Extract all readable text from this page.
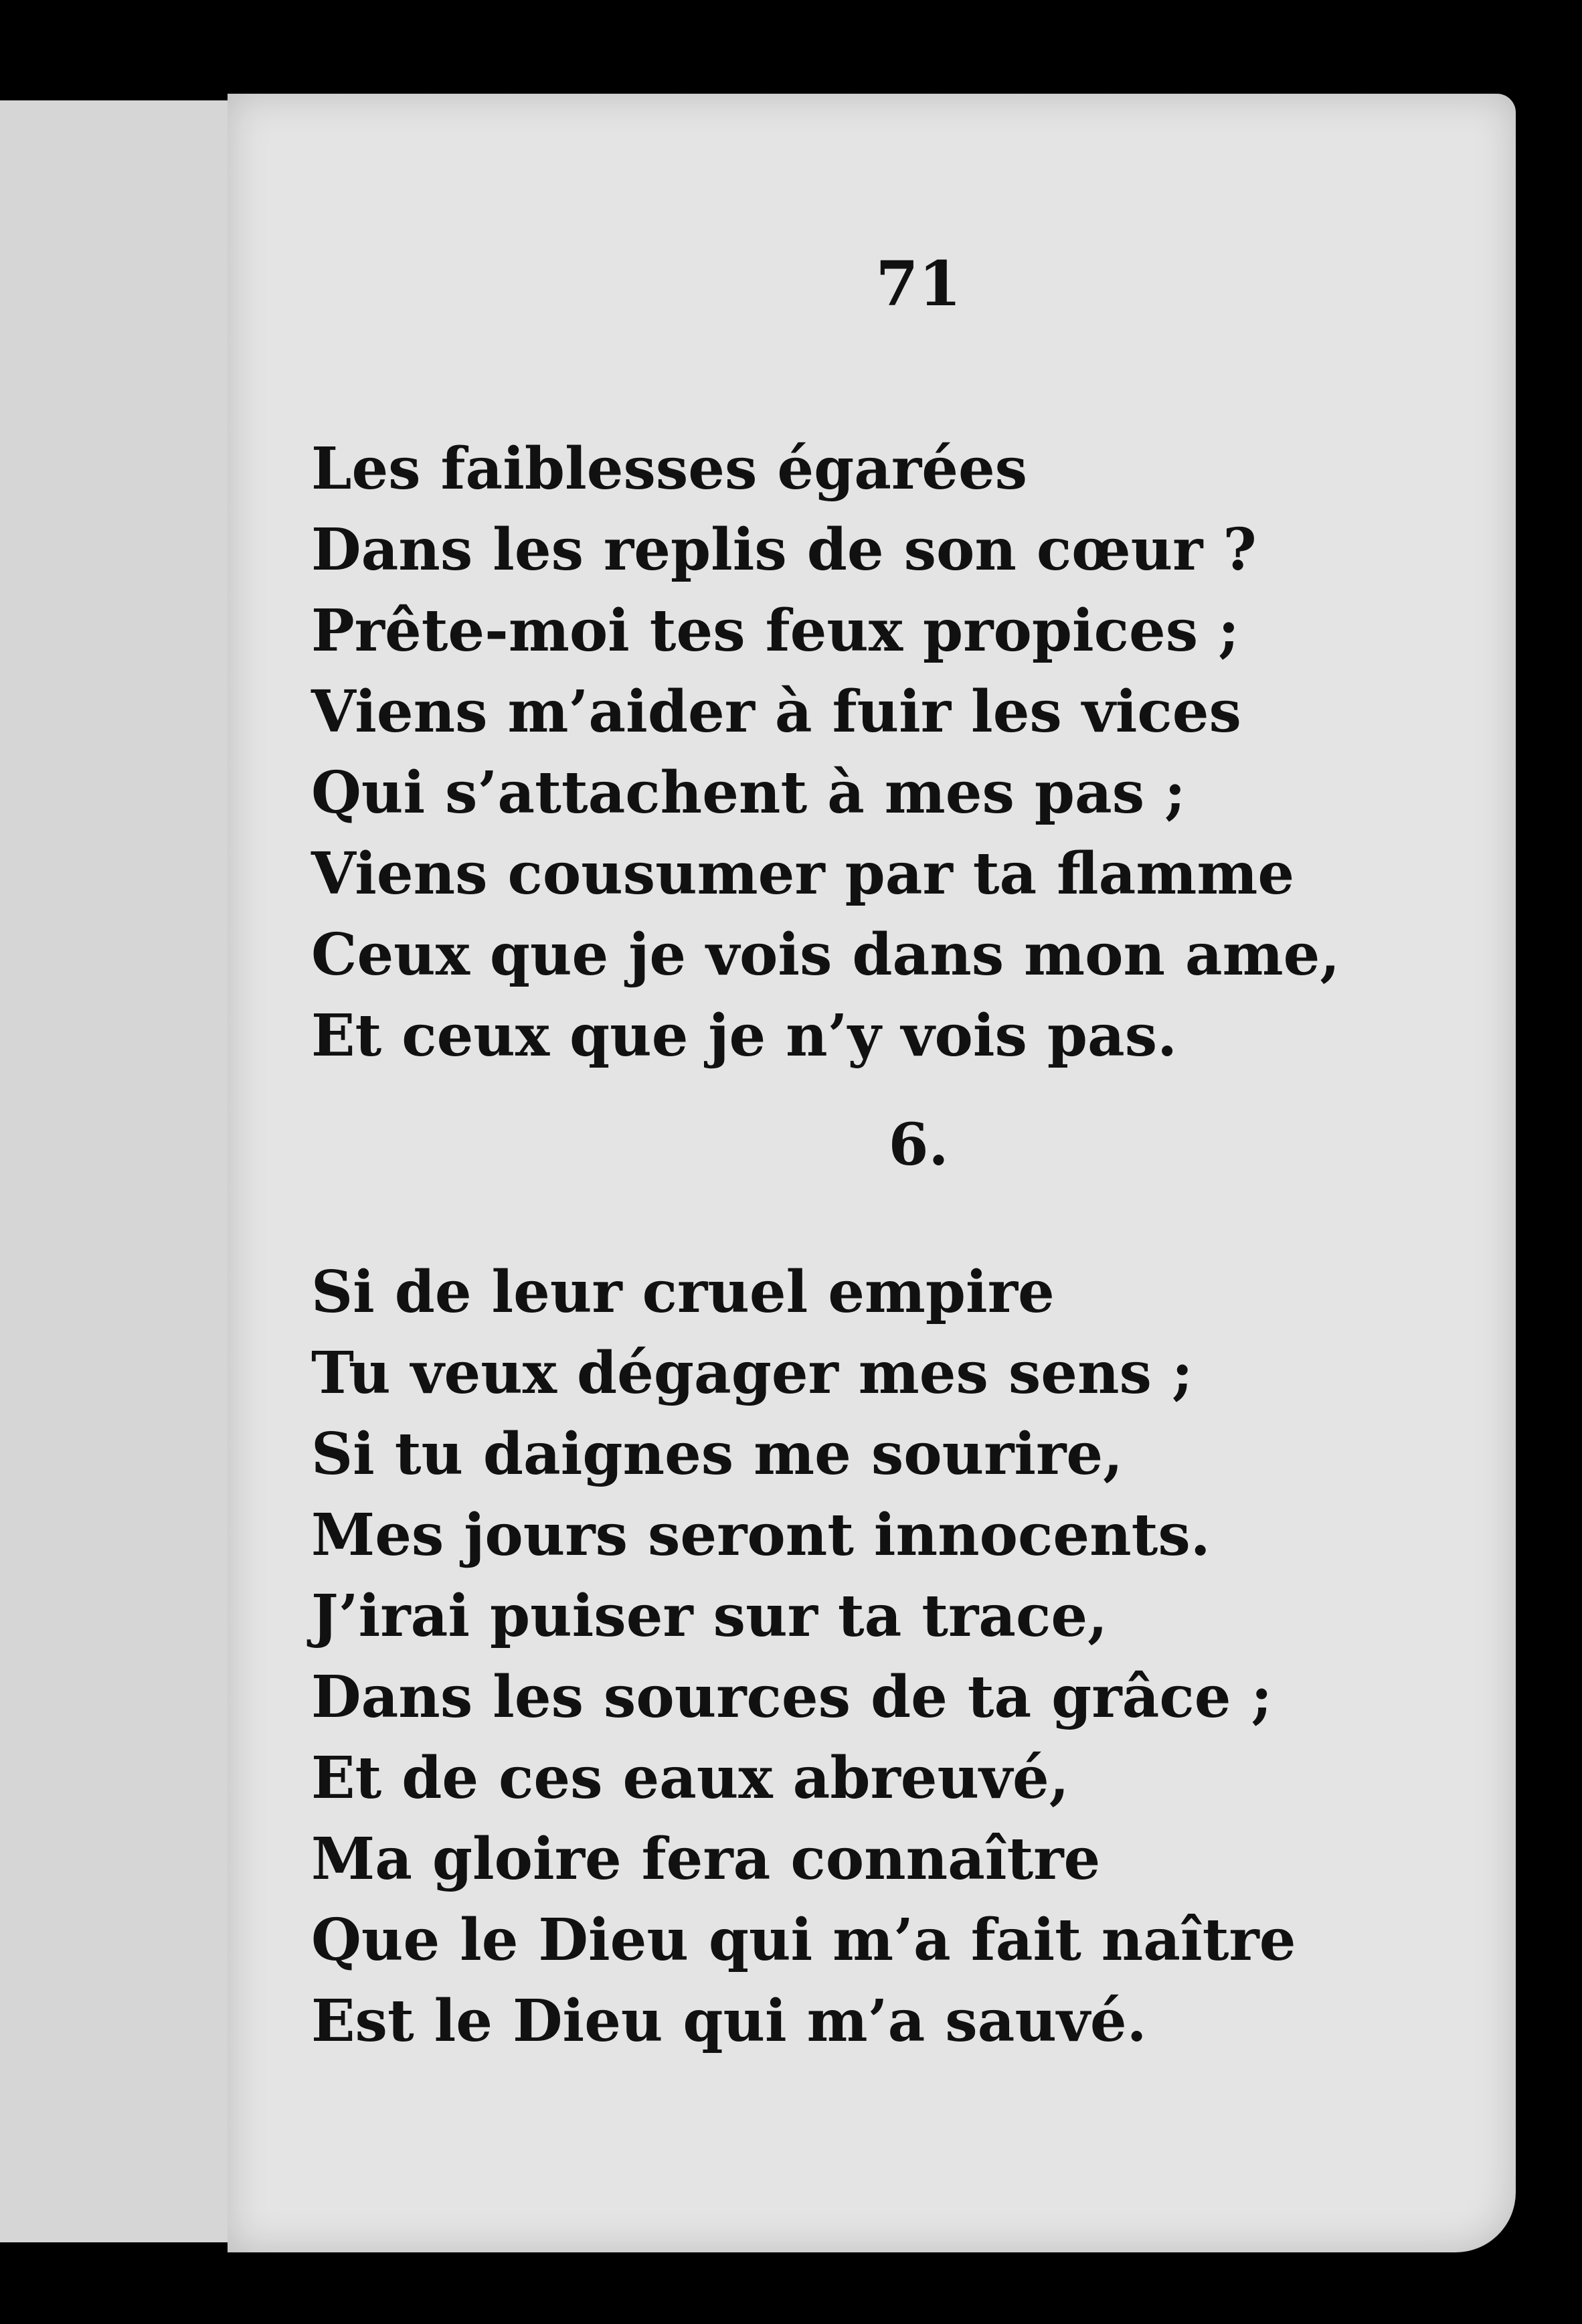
71
Les faiblesses égarées
Dans les replis de son cœur ?
Prête-moi tes feux propices ;
Viens m’aider à fuir les vices
Qui s’attachent à mes pas ;
Viens cousumer par ta flamme
Ceux que je vois dans mon ame,
Et ceux que je n’y vois pas.
6.
Si de leur cruel empire
Tu veux dégager mes sens ;
Si tu daignes me sourire,
Mes jours seront innocents.
J’irai puiser sur ta trace,
Dans les sources de ta grâce ;
Et de ces eaux abreuvé,
Ma gloire fera connaître
Que le Dieu qui m’a fait naître
Est le Dieu qui m’a sauvé.
